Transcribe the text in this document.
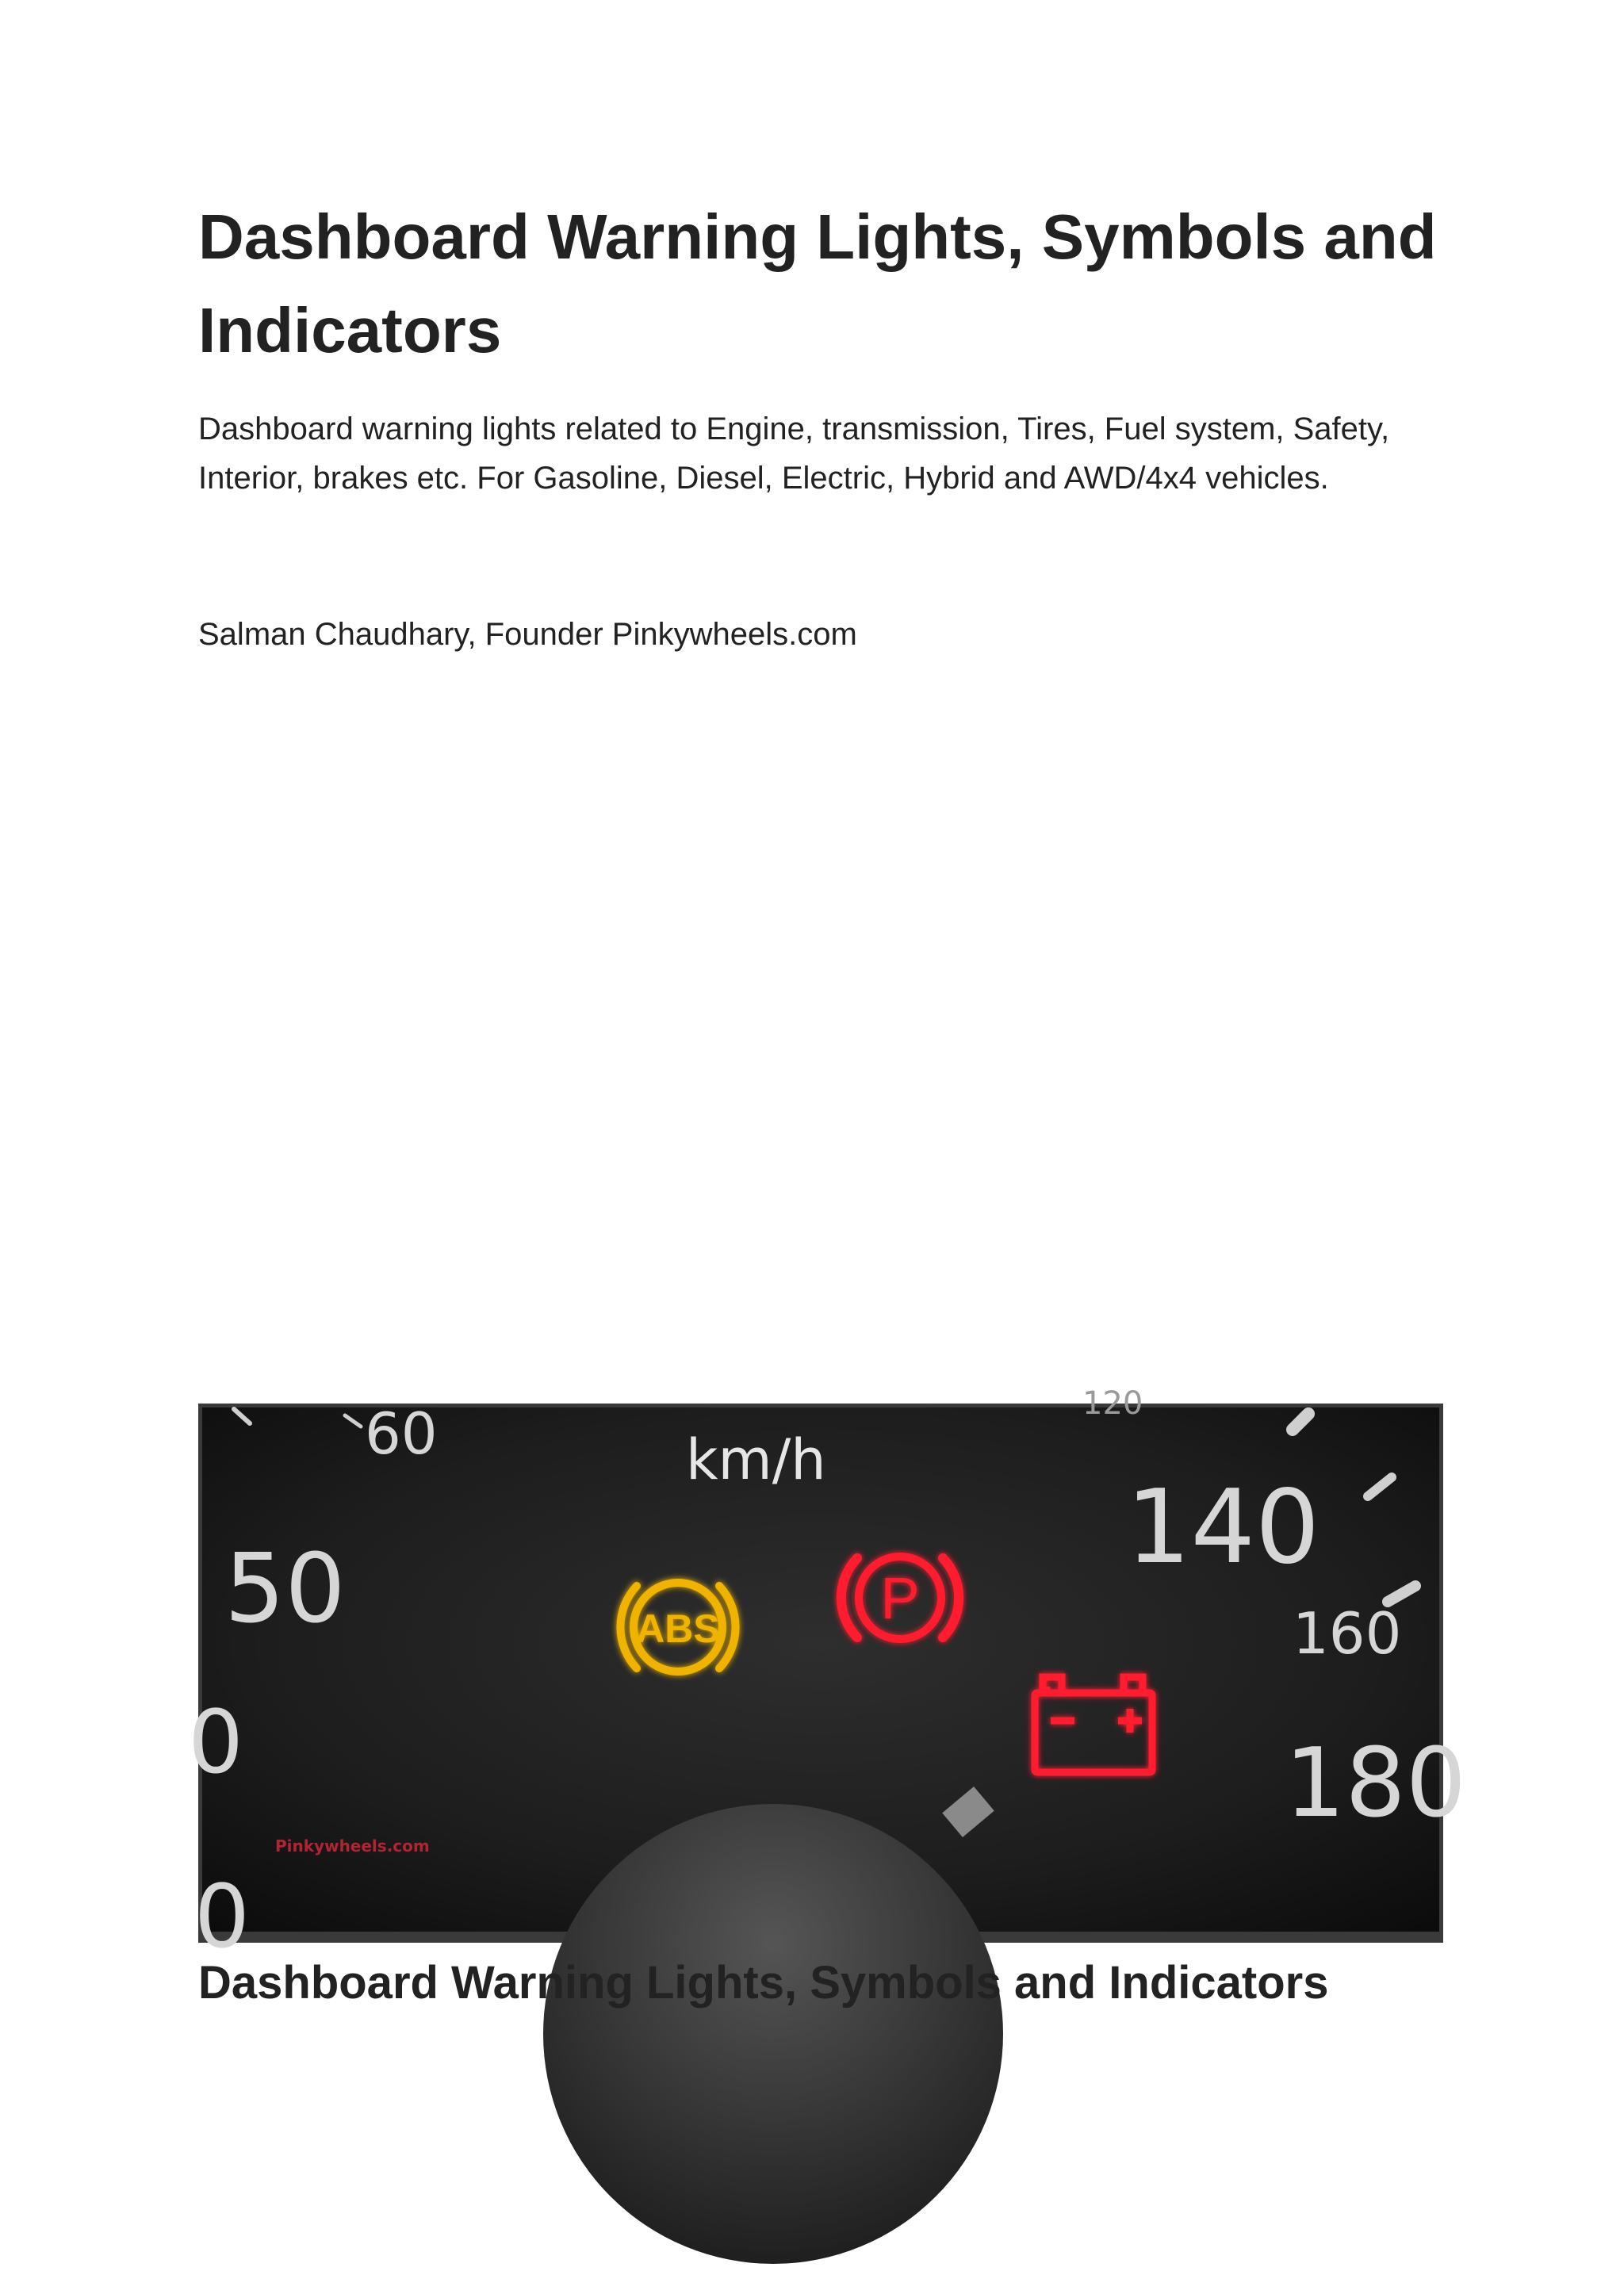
Dashboard Warning Lights, Symbols and Indicators

Dashboard warning lights related to Engine, transmission, Tires, Fuel system, Safety, Interior, brakes etc. For Gasoline, Diesel, Electric, Hybrid and AWD/4x4 vehicles.

Salman Chaudhary, Founder Pinkywheels.com

60
50
140
160
180
km/h
0
0
120
ABS	P
Pinkywheels.com
Dashboard Warning Lights, Symbols and Indicators
